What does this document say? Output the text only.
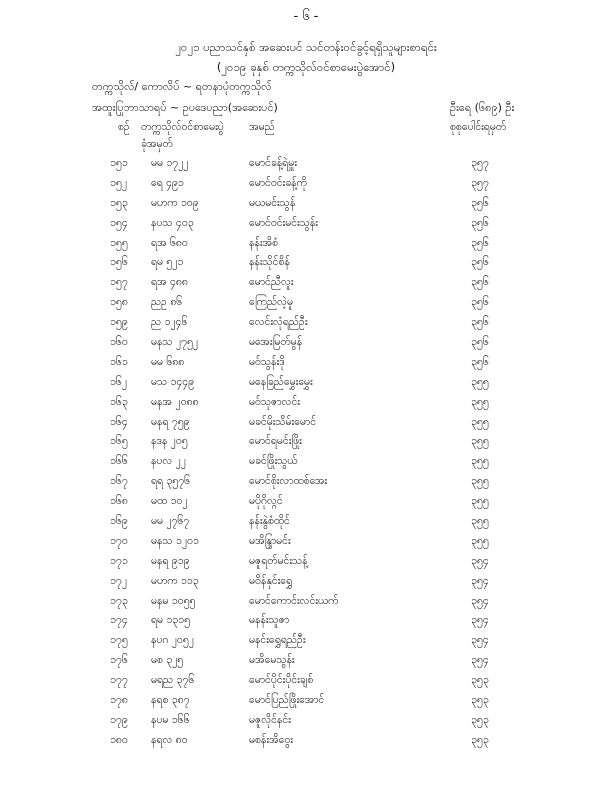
- ၆ -
၂၀၂၁ ပညာသင်နှစ် အဆေးပင် သင်တန်းဝင်ခွင့်ရရှိသူများစာရင်း
(၂၀၁၉ ခုနှစ် တက္ကသိုလ်ဝင်စာမေးပွဲအောင်)
တက္ကသိုလ်/ ကောလိပ် ~ ရတနာပုံတက္ကသိုလ်
အထူးပြုဘာသာရပ် ~ ဥပဒေပညာ(အဆေးပင်)	ဦးရေ (၆၈၉) ဦး
စဉ် တက္ကသိုလ်ဝင်စာမေးပွဲ
ခုံအမှတ်
အမည်	စုစုပေါင်းရမှတ်
၁၅၁ မမ ၁၇၂၂	မောင်ခန့်ရဲမှူး	၃၅၇
၁၅၂ ရေ ၄၉၁	မောင်ဝင်းခန့်ကို	၃၅၇
၁၅၃ မဟက ၁၀၉	မယမင်းသွန်	၃၅၆
၁၅၄ နပသ ၄၀၃	မောင်ဝင်းမင်းသွန်း	၃၅၆
၁၅၅ ရအ ၆၈၀	နန်းအိစံ	၃၅၆
၁၅၆ ရမ ၅၂၁	နန်းသိုင်စိန်	၃၅၆
၁၅၇ ရအ ၄၈၈	မောင်ညီလူး	၃၅၆
၁၅၈ ညဥ ၈၆	ကြေည်လဲ့မူ	၃၅၆
၁၅၉ ည ၁၂၄၆	လေင်းလုံရည်ဦး	၃၅၆
၁၆၀ မနသ ၂၇၅၂	မအေးမြတ်မွန်	၃၅၆
၁၆၁ မမ ၆၈၈	မဝ်သွန်းဒို	၃၅၆
၁၆၂ မသ ၁၄၄၉	မနေခြည်မွှေးမွှေး	၃၅၅
၁၆၃ မနအ ၂၀၈၈	မဝ်သုဇာလင်း	၃၅၅
၁၆၄ မနရ ၇၅၉	မခင်မိုးသိမ်းမောင်	၃၅၅
၁၆၅ နဒန ၂၀၅	မောင်ရမင်းဖြိုး	၃၅၅
၁၆၆ နပလ ၂၂	မခင်ဖြိုးသွယ်	၃၅၅
၁၆၇ ရရ ၃၅၇၆	မောင်စိုးလာထစ်အေး	၃၅၅
၁၆၈ မထ ၁၀၂	မပိုဂိုလ္ဂင်	၃၅၅
၁၆၉ မမ ၂၇၆၇	နန်းနွဲစံထိုင်	၃၅၅
၁၇၀ မနသ ၁၂၀၁	မအိန္ဒြာမင်း	၃၅၅
၁၇၁ မနရ ၉၁၉	မဇူရတ်မင်းသန့်	၃၅၄
၁၇၂ မဟက ၁၁၃	မဝိန်နုင်းရွှေ	၃၅၄
၁၇၃ မနမ ၁၀၅၅	မောင်ကောင်းလင်းယက်	၃၅၄
၁၇၄ ရမ ၁၃၁၅	မနန်းသူဇာ	၃၅၄
၁၇၅ နပဂ ၂၀၅၂	မနင်းရွှေရည်ဦး	၃၅၄
၁၇၆ မစ ၃၂၅	မအိမေသွန်း	၃၅၄
၁၇၇ မရည ၃၇၆	မောင်ပိုင်းပိုင်းချစ်	၃၅၃
၁၇၈ နရစ ၃၈၇	မောင်ပြည်ဖြိုးအောင်	၃၅၃
၁၇၉ နပမ ၁၆၆	မဇူလိုင်နင်း	၃၅၃
၁၈၀ နရလ ၈၀	မစန်းအိဝွေး	၃၅၃
